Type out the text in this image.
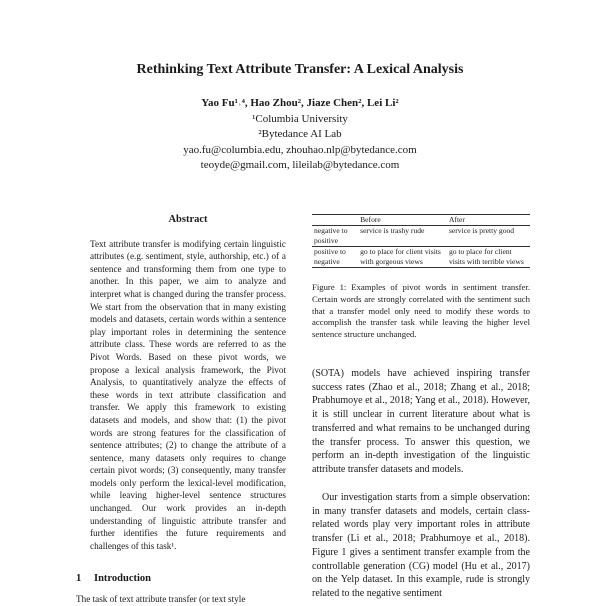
Rethinking Text Attribute Transfer: A Lexical Analysis
Yao Fu¹˒⁴, Hao Zhou², Jiaze Chen², Lei Li²
¹Columbia University
²Bytedance AI Lab
yao.fu@columbia.edu, zhouhao.nlp@bytedance.com
teoyde@gmail.com, lileilab@bytedance.com
Abstract
Text attribute transfer is modifying certain linguistic attributes (e.g. sentiment, style, authorship, etc.) of a sentence and transforming them from one type to another. In this paper, we aim to analyze and interpret what is changed during the transfer process. We start from the observation that in many existing models and datasets, certain words within a sentence play important roles in determining the sentence attribute class. These words are referred to as the Pivot Words. Based on these pivot words, we propose a lexical analysis framework, the Pivot Analysis, to quantitatively analyze the effects of these words in text attribute classification and transfer. We apply this framework to existing datasets and models, and show that: (1) the pivot words are strong features for the classification of sentence attributes; (2) to change the attribute of a sentence, many datasets only requires to change certain pivot words; (3) consequently, many transfer models only perform the lexical-level modification, while leaving higher-level sentence structures unchanged. Our work provides an in-depth understanding of linguistic attribute transfer and further identifies the future requirements and challenges of this task¹.
1 Introduction
The task of text attribute transfer (or text style
	Before	After
negative to positive	service is trashy rude	service is pretty good
positive to negative	go to place for client visits with gorgeous views	go to place for client visits with terrible views
Figure 1: Examples of pivot words in sentiment transfer. Certain words are strongly correlated with the sentiment such that a transfer model only need to modify these words to accomplish the transfer task while leaving the higher level sentence structure unchanged.
(SOTA) models have achieved inspiring transfer success rates (Zhao et al., 2018; Zhang et al., 2018; Prabhumoye et al., 2018; Yang et al., 2018). However, it is still unclear in current literature about what is transferred and what remains to be unchanged during the transfer process. To answer this question, we perform an in-depth investigation of the linguistic attribute transfer datasets and models.
Our investigation starts from a simple observation: in many transfer datasets and models, certain class-related words play very important roles in attribute transfer (Li et al., 2018; Prabhumoye et al., 2018). Figure 1 gives a sentiment transfer example from the controllable generation (CG) model (Hu et al., 2017) on the Yelp dataset. In this example, rude is strongly related to the negative sentiment
